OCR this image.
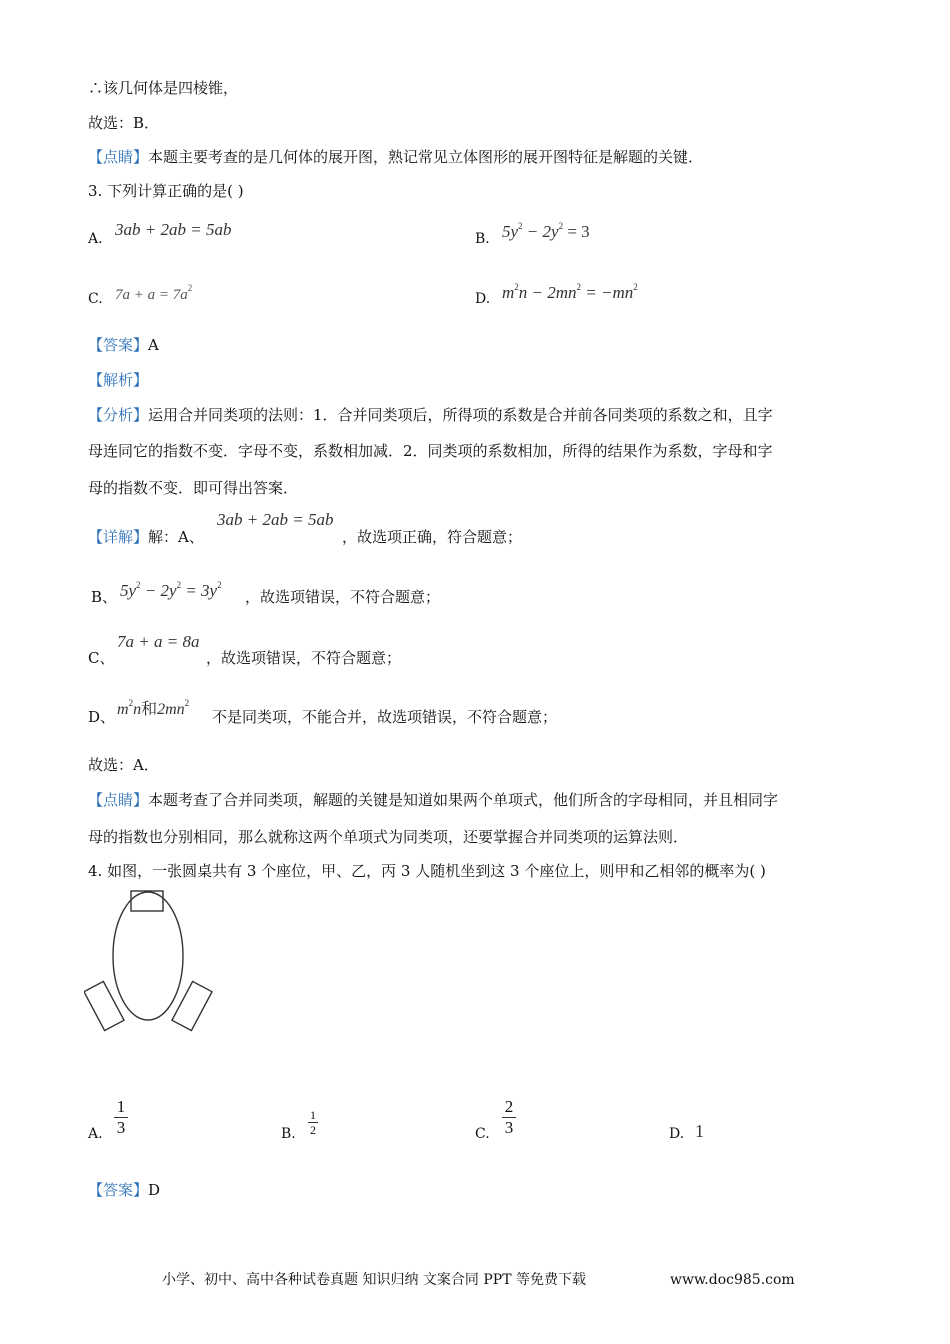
∴该几何体是四棱锥，
故选：B．
【点睛】本题主要考查的是几何体的展开图，熟记常见立体图形的展开图特征是解题的关键．
3. 下列计算正确的是( )
A. 3ab + 2ab = 5ab	B. $5y^2 - 2y^2 = 3$
C. $7a + a = 7a^2$
D. $m^2n - 2mn^2 = -mn^2$
【答案】A
【解析】
【分析】运用合并同类项的法则：1．合并同类项后，所得项的系数是合并前各同类项的系数之和，且字
母连同它的指数不变．字母不变，系数相加减．2．同类项的系数相加，所得的结果作为系数，字母和字
母的指数不变．即可得出答案．
【详解】解：A、
3ab + 2ab = 5ab
，故选项正确，符合题意；
B、 $5y^2 - 2y^2 = 3y^2$
，故选项错误，不符合题意；
C、
7a + a = 8a
，故选项错误，不符合题意；
D、 $m^2n$和$2mn^2$
不是同类项，不能合并，故选项错误，不符合题意；
故选：A．
【点睛】本题考查了合并同类项，解题的关键是知道如果两个单项式，他们所含的字母相同，并且相同字
母的指数也分别相同，那么就称这两个单项式为同类项，还要掌握合并同类项的运算法则．
4. 如图，一张圆桌共有 3 个座位，甲、乙，丙 3 人随机坐到这 3 个座位上，则甲和乙相邻的概率为( )
A.
1
3	B.
1
2	C.
2
3	D. 1
【答案】D
小学、初中、高中各种试卷真题 知识归纳 文案合同 PPT 等免费下载	www.doc985.com
